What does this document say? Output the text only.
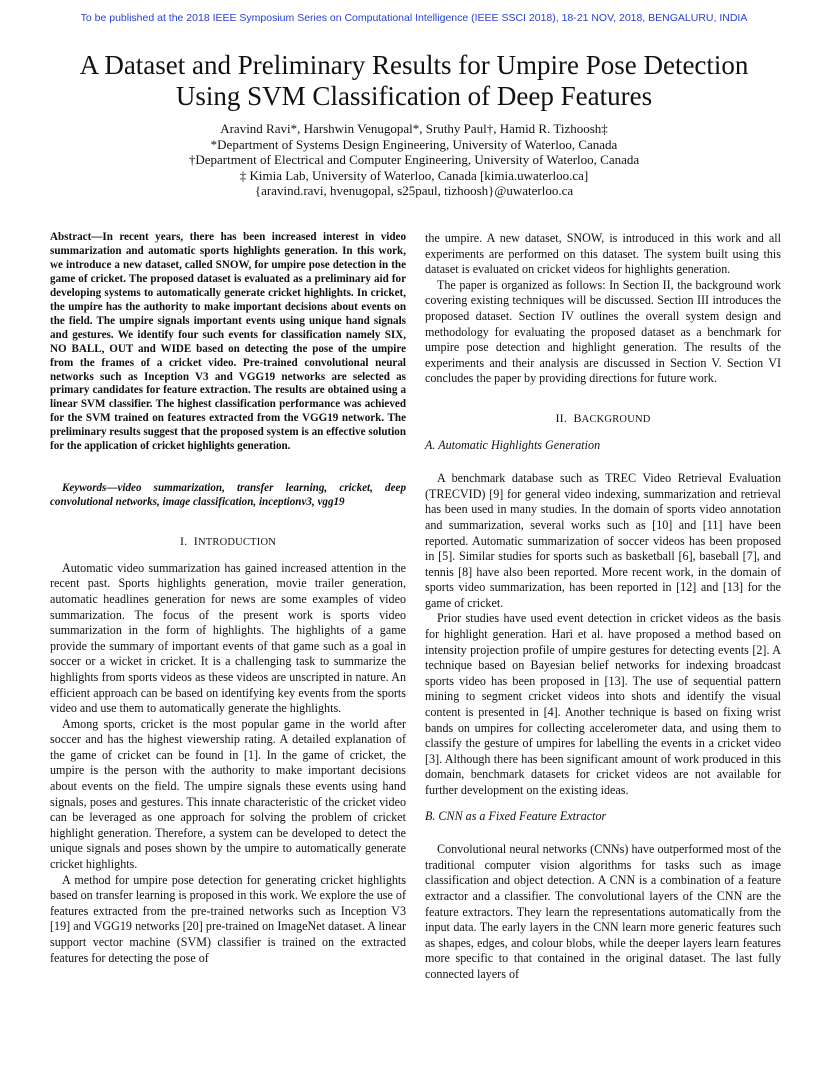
To be published at the 2018 IEEE Symposium Series on Computational Intelligence (IEEE SSCI 2018), 18-21 NOV, 2018, BENGALURU, INDIA
A Dataset and Preliminary Results for Umpire Pose Detection
Using SVM Classification of Deep Features
Aravind Ravi*, Harshwin Venugopal*, Sruthy Paul†, Hamid R. Tizhoosh‡
*Department of Systems Design Engineering, University of Waterloo, Canada
†Department of Electrical and Computer Engineering, University of Waterloo, Canada
‡ Kimia Lab, University of Waterloo, Canada [kimia.uwaterloo.ca]
{aravind.ravi, hvenugopal, s25paul, tizhoosh}@uwaterloo.ca

Abstract—In recent years, there has been increased interest in video summarization and automatic sports highlights generation. In this work, we introduce a new dataset, called SNOW, for umpire pose detection in the game of cricket. The proposed dataset is evaluated as a preliminary aid for developing systems to automatically generate cricket highlights. In cricket, the umpire has the authority to make important decisions about events on the field. The umpire signals important events using unique hand signals and gestures. We identify four such events for classification namely SIX, NO BALL, OUT and WIDE based on detecting the pose of the umpire from the frames of a cricket video. Pre-trained convolutional neural networks such as Inception V3 and VGG19 networks are selected as primary candidates for feature extraction. The results are obtained using a linear SVM classifier. The highest classification performance was achieved for the SVM trained on features extracted from the VGG19 network. The preliminary results suggest that the proposed system is an effective solution for the application of cricket highlights generation.

Keywords—video summarization, transfer learning, cricket, deep convolutional networks, image classification, inceptionv3, vgg19

I. INTRODUCTION

Automatic video summarization has gained increased attention in the recent past. Sports highlights generation, movie trailer generation, automatic headlines generation for news are some examples of video summarization. The focus of the present work is sports video summarization in the form of highlights. The highlights of a game provide the summary of important events of that game such as a goal in soccer or a wicket in cricket. It is a challenging task to summarize the highlights from sports videos as these videos are unscripted in nature. An efficient approach can be based on identifying key events from the sports video and use them to automatically generate the highlights.

Among sports, cricket is the most popular game in the world after soccer and has the highest viewership rating. A detailed explanation of the game of cricket can be found in [1]. In the game of cricket, the umpire is the person with the authority to make important decisions about events on the field. The umpire signals these events using hand signals, poses and gestures. This innate characteristic of the cricket video can be leveraged as one approach for solving the problem of cricket highlight generation. Therefore, a system can be developed to detect the unique signals and poses shown by the umpire to automatically generate cricket highlights.

A method for umpire pose detection for generating cricket highlights based on transfer learning is proposed in this work. We explore the use of features extracted from the pre-trained networks such as Inception V3 [19] and VGG19 networks [20] pre-trained on ImageNet dataset. A linear support vector machine (SVM) classifier is trained on the extracted features for detecting the pose of

the umpire. A new dataset, SNOW, is introduced in this work and all experiments are performed on this dataset. The system built using this dataset is evaluated on cricket videos for highlights generation.

The paper is organized as follows: In Section II, the background work covering existing techniques will be discussed. Section III introduces the proposed dataset. Section IV outlines the overall system design and methodology for evaluating the proposed dataset as a benchmark for umpire pose detection and highlight generation. The results of the experiments and their analysis are discussed in Section V. Section VI concludes the paper by providing directions for future work.

II. BACKGROUND

A. Automatic Highlights Generation

A benchmark database such as TREC Video Retrieval Evaluation (TRECVID) [9] for general video indexing, summarization and retrieval has been used in many studies. In the domain of sports video annotation and summarization, several works such as [10] and [11] have been reported. Automatic summarization of soccer videos has been proposed in [5]. Similar studies for sports such as basketball [6], baseball [7], and tennis [8] have also been reported. More recent work, in the domain of sports video summarization, has been reported in [12] and [13] for the game of cricket.

Prior studies have used event detection in cricket videos as the basis for highlight generation. Hari et al. have proposed a method based on intensity projection profile of umpire gestures for detecting events [2]. A technique based on Bayesian belief networks for indexing broadcast sports video has been proposed in [13]. The use of sequential pattern mining to segment cricket videos into shots and identify the visual content is presented in [4]. Another technique is based on fixing wrist bands on umpires for collecting accelerometer data, and using them to classify the gesture of umpires for labelling the events in a cricket video [3]. Although there has been significant amount of work produced in this domain, benchmark datasets for cricket videos are not available for further development on the existing ideas.

B. CNN as a Fixed Feature Extractor

Convolutional neural networks (CNNs) have outperformed most of the traditional computer vision algorithms for tasks such as image classification and object detection. A CNN is a combination of a feature extractor and a classifier. The convolutional layers of the CNN are the feature extractors. They learn the representations automatically from the input data. The early layers in the CNN learn more generic features such as shapes, edges, and colour blobs, while the deeper layers learn features more specific to that contained in the original dataset. The last fully connected layers of
